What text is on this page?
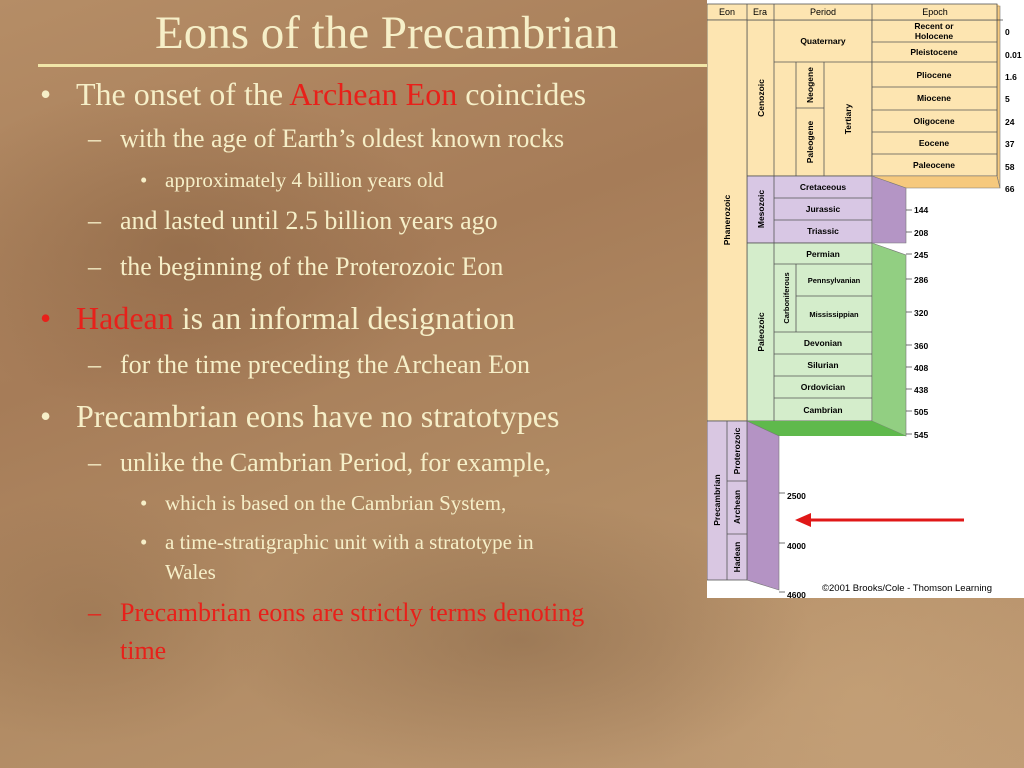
Eons of the Precambrian
• The onset of the Archean Eon coincides
– with the age of Earth’s oldest known rocks
• approximately 4 billion years old
– and lasted until 2.5 billion years ago
– the beginning of the Proterozoic Eon
• Hadean is an informal designation
– for the time preceding the Archean Eon
• Precambrian eons have no stratotypes
– unlike the Cambrian Period, for example,
• which is based on the Cambrian System,
• a time-stratigraphic unit with a stratotype in
Wales
– Precambrian eons are strictly terms denoting
time
Eon Era	Period	Epoch
Cenozoic
Quaternary
Neogene
Paleogene
Tertiary
Recent or
Holocene
Pleistocene
Pliocene
Miocene
Oligocene
Eocene
Paleocene
Mesozoic
Cretaceous
Jurassic
Triassic
Paleozoic
Permian
Carboniferous Pennsylvanian
Mississippian
Devonian
Silurian
Ordovician
Cambrian
Phanerozoic
Precambrian
Proterozoic
Archean
Hadean
0
0.01
1.6
5
24
37
58
66
144
208
245
286
320
360
408
438
505
545
2500
4000
4600
©2001 Brooks/Cole - Thomson Learning
